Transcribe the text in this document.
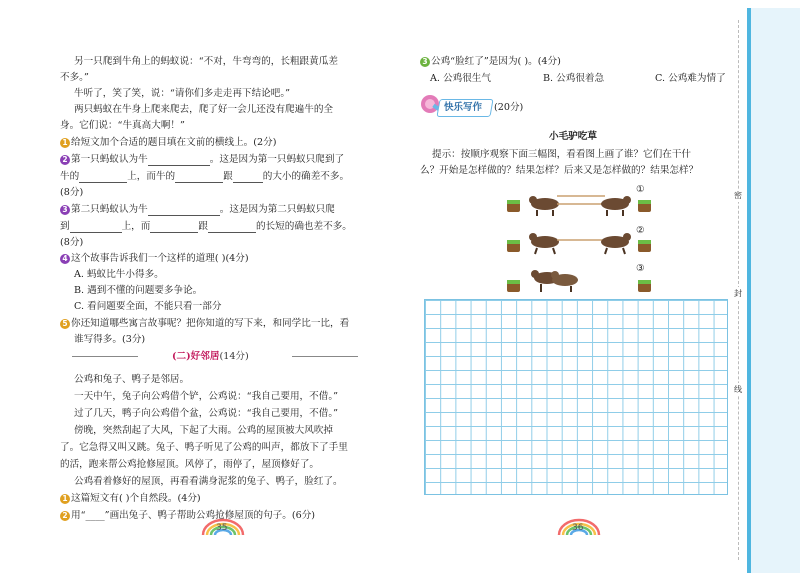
另一只爬到牛角上的蚂蚁说：“不对，牛弯弯的，长粗跟黄瓜差
不多。”
牛听了，笑了笑，说：“请你们多走走再下结论吧。”
两只蚂蚁在牛身上爬来爬去，爬了好一会儿还没有爬遍牛的全
身。它们说：“牛真高大啊！”
1 给短文加个合适的题目填在文前的横线上。(2分)
2 第一只蚂蚁认为牛	。这是因为第一只蚂蚁只爬到了
牛的	上，而牛的	跟	的大小的确差不多。
(8分)
3 第二只蚂蚁认为牛	。这是因为第二只蚂蚁只爬
到	上，而	跟	的长短的确也差不多。
(8分)
4 这个故事告诉我们一个这样的道理( )(4分)
A. 蚂蚁比牛小得多。
B. 遇到不懂的问题要多争论。
C. 看问题要全面，不能只看一部分
5 你还知道哪些寓言故事呢？把你知道的写下来，和同学比一比，看
谁写得多。(3分)
(二)好邻居(14分)
公鸡和兔子、鸭子是邻居。
一天中午，兔子向公鸡借个铲，公鸡说：“我自己要用，不借。”
过了几天，鸭子向公鸡借个盆，公鸡说：“我自己要用，不借。”
傍晚，突然刮起了大风，下起了大雨。公鸡的屋顶被大风吹掉
了。它急得又叫又跳。兔子、鸭子听见了公鸡的叫声，都放下了手里
的活，跑来帮公鸡抢修屋顶。风停了，雨停了，屋顶修好了。
公鸡看着修好的屋顶，再看看满身泥浆的兔子、鸭子，脸红了。
1 这篇短文有( )个自然段。(4分)
2 用“____”画出兔子、鸭子帮助公鸡抢修屋顶的句子。(6分)
35
3 公鸡“脸红了”是因为( )。(4分)
A. 公鸡很生气	B. 公鸡很着急	C. 公鸡难为情了
快乐写作 (20分)
小毛驴吃草
提示：按顺序观察下面三幅图，看看图上画了谁？它们在干什
么？开始是怎样做的？结果怎样？后来又是怎样做的？结果怎样？
①
②
③
36
密
封
线
